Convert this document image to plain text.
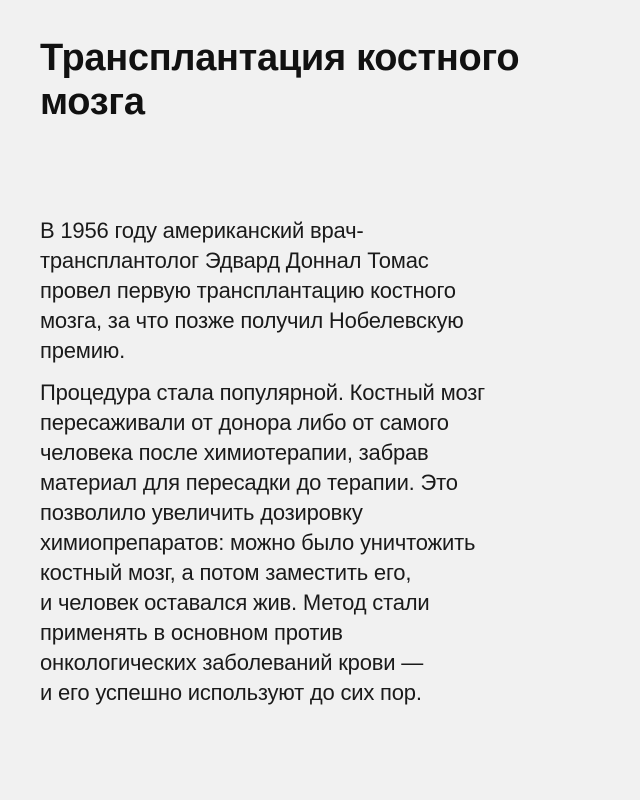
Трансплантация костного
мозга

В 1956 году американский врач-
трансплантолог Эдвард Доннал Томас
провел первую трансплантацию костного
мозга, за что позже получил Нобелевскую
премию.

Процедура стала популярной. Костный мозг
пересаживали от донора либо от самого
человека после химиотерапии, забрав
материал для пересадки до терапии. Это
позволило увеличить дозировку
химиопрепаратов: можно было уничтожить
костный мозг, а потом заместить его,
и человек оставался жив. Метод стали
применять в основном против
онкологических заболеваний крови —
и его успешно используют до сих пор.
